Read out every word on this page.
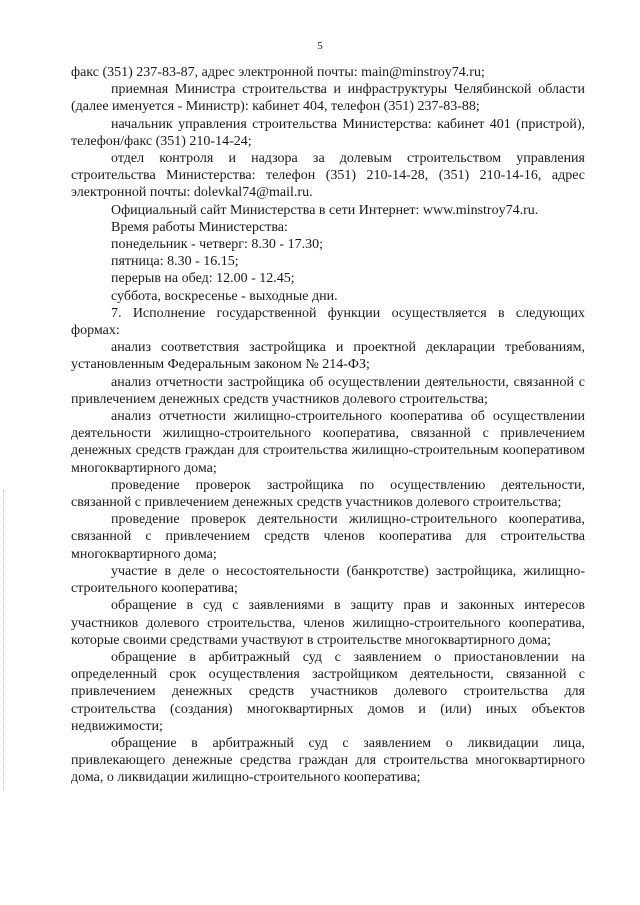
5

факс (351) 237-83-87, адрес электронной почты: main@minstroy74.ru;

приемная Министра строительства и инфраструктуры Челябинской области (далее именуется - Министр): кабинет 404, телефон (351) 237-83-88;

начальник управления строительства Министерства: кабинет 401 (пристрой), телефон/факс (351) 210-14-24;

отдел контроля и надзора за долевым строительством управления строительства Министерства: телефон (351) 210-14-28, (351) 210-14-16, адрес электронной почты: dolevkal74@mail.ru.

Официальный сайт Министерства в сети Интернет: www.minstroy74.ru.

Время работы Министерства:

понедельник - четверг: 8.30 - 17.30;

пятница: 8.30 - 16.15;

перерыв на обед: 12.00 - 12.45;

суббота, воскресенье - выходные дни.

7. Исполнение государственной функции осуществляется в следующих формах:

анализ соответствия застройщика и проектной декларации требованиям, установленным Федеральным законом № 214-ФЗ;

анализ отчетности застройщика об осуществлении деятельности, связанной с привлечением денежных средств участников долевого строительства;

анализ отчетности жилищно-строительного кооператива об осуществлении деятельности жилищно-строительного кооператива, связанной с привлечением денежных средств граждан для строительства жилищно-строительным кооперативом многоквартирного дома;

проведение проверок застройщика по осуществлению деятельности, связанной с привлечением денежных средств участников долевого строительства;

проведение проверок деятельности жилищно-строительного кооператива, связанной с привлечением средств членов кооператива для строительства многоквартирного дома;

участие в деле о несостоятельности (банкротстве) застройщика, жилищно-строительного кооператива;

обращение в суд с заявлениями в защиту прав и законных интересов участников долевого строительства, членов жилищно-строительного кооператива, которые своими средствами участвуют в строительстве многоквартирного дома;

обращение в арбитражный суд с заявлением о приостановлении на определенный срок осуществления застройщиком деятельности, связанной с привлечением денежных средств участников долевого строительства для строительства (создания) многоквартирных домов и (или) иных объектов недвижимости;

обращение в арбитражный суд с заявлением о ликвидации лица, привлекающего денежные средства граждан для строительства многоквартирного дома, о ликвидации жилищно-строительного кооператива;
